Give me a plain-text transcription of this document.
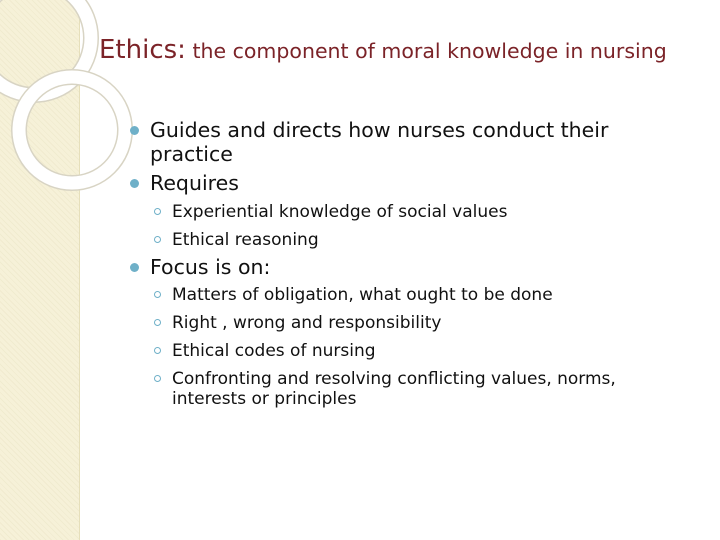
Ethics: the component of moral knowledge in nursing
Guides and directs how nurses conduct their practice
Requires
Experiential knowledge of social values
Ethical reasoning
Focus is on:
Matters of obligation, what ought to be done
Right , wrong and responsibility
Ethical codes of nursing
Confronting and resolving conflicting values, norms, interests or principles
